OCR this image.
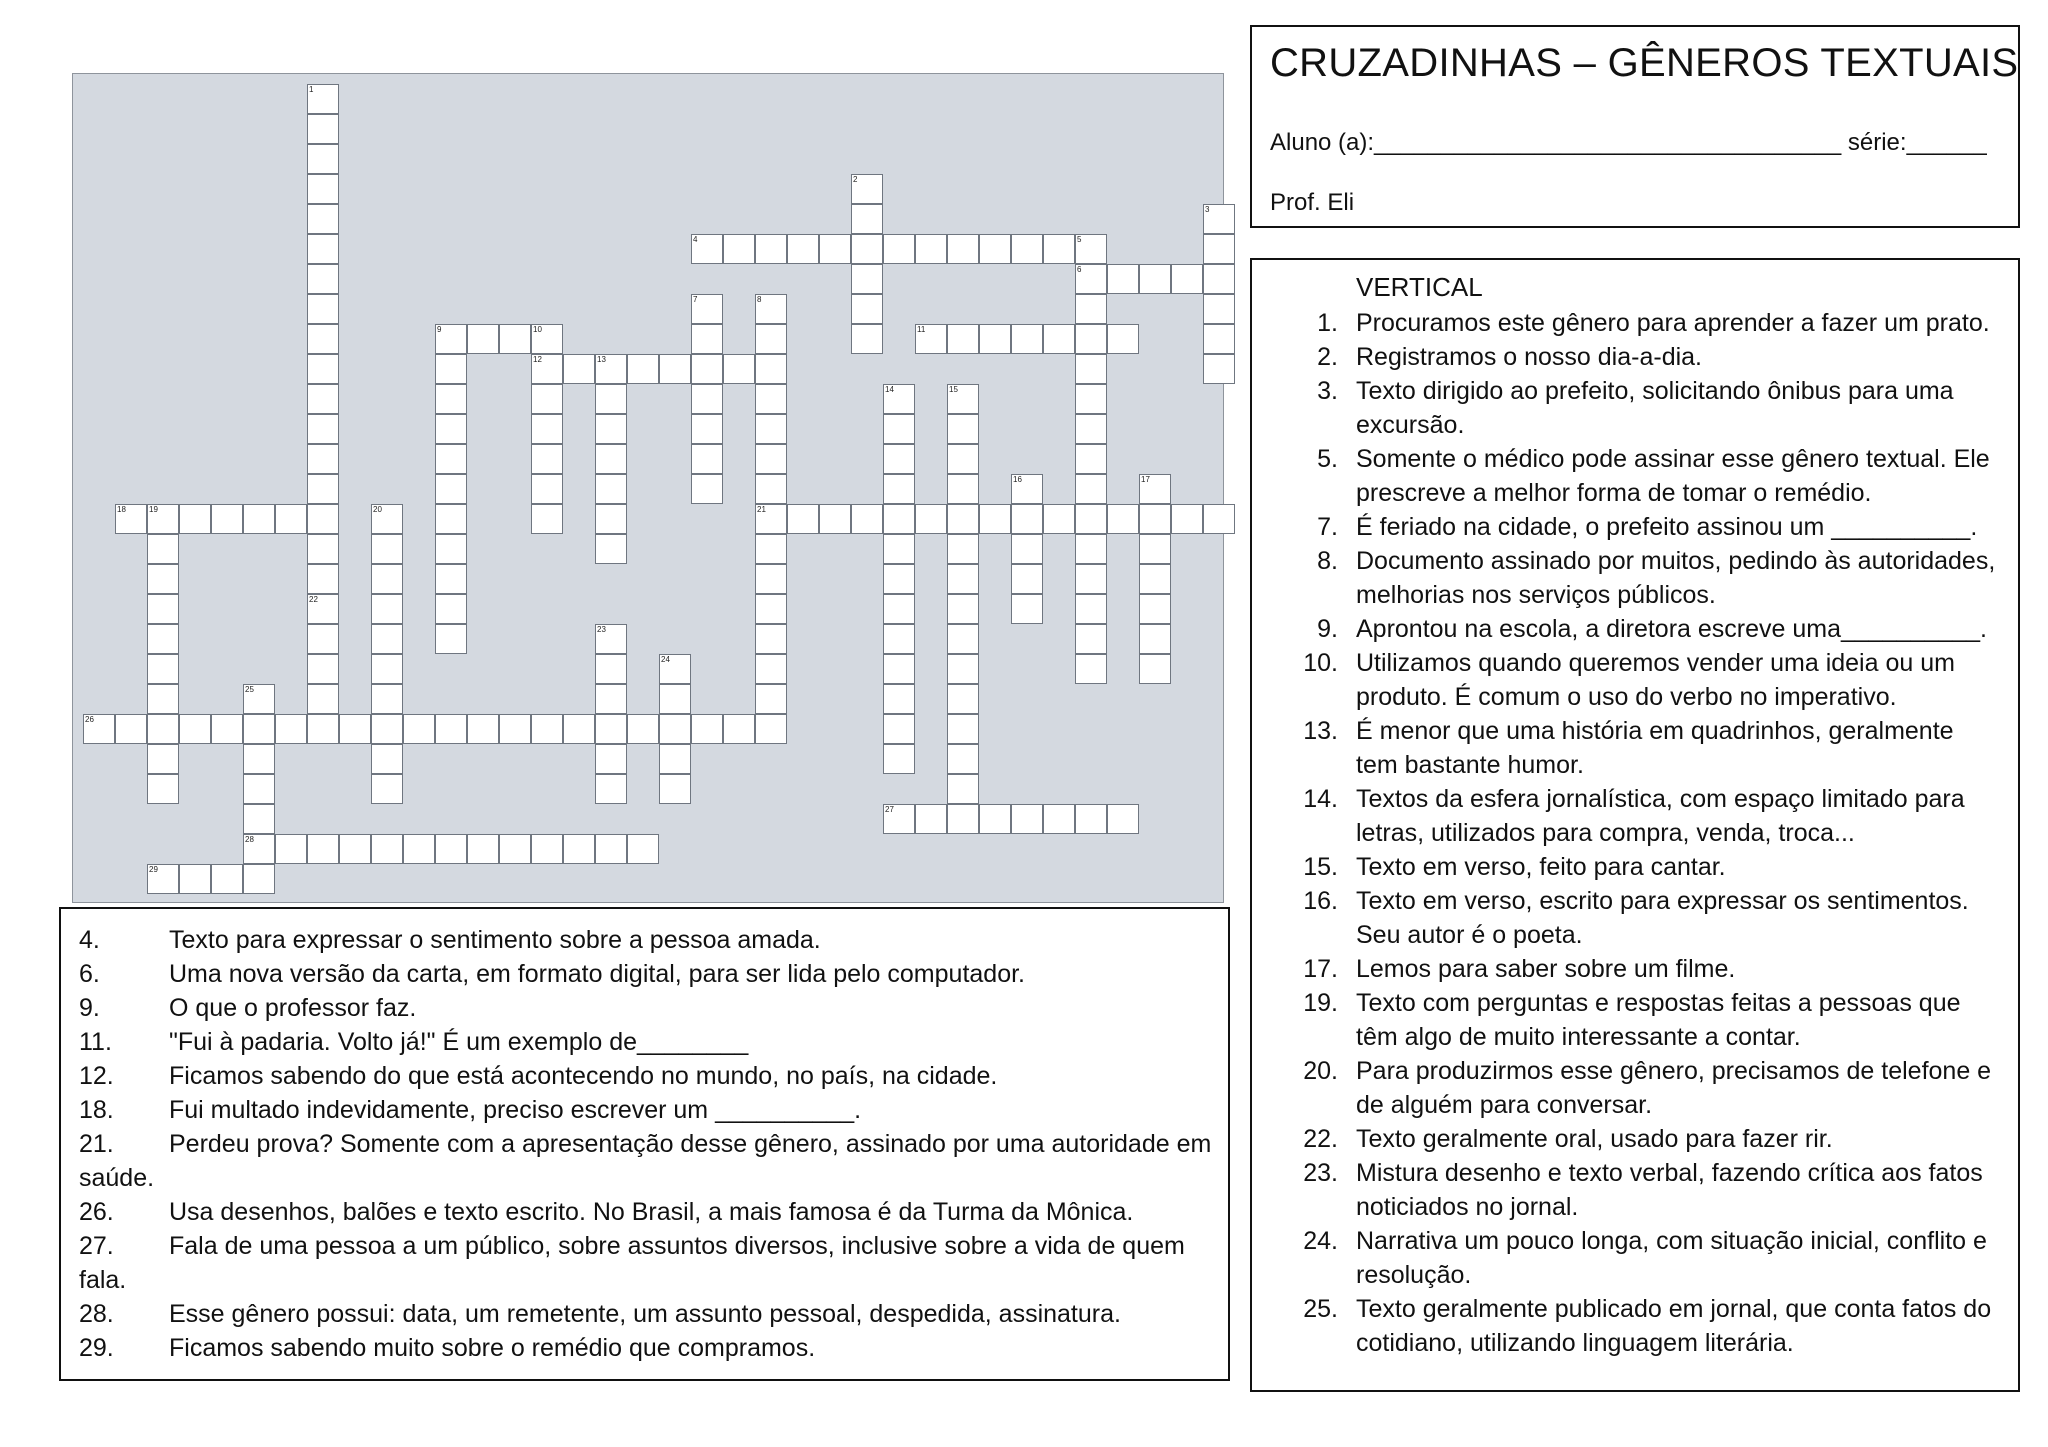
1
2
3
4	5
6
7	8
9	10	11
12	13
14	15
16	17
18	19	20	21
22
23
24
25
26
27
28
29
CRUZADINHAS – GÊNEROS TEXTUAIS
Aluno (a):___________________________________ série:______
Prof. Eli
VERTICAL
1. Procuramos este gênero para aprender a fazer um prato.
2. Registramos o nosso dia-a-dia.
3. Texto dirigido ao prefeito, solicitando ônibus para uma excursão.
5. Somente o médico pode assinar esse gênero textual. Ele prescreve a melhor forma de tomar o remédio.
7. É feriado na cidade, o prefeito assinou um __________.
8. Documento assinado por muitos, pedindo às autoridades, melhorias nos serviços públicos.
9. Aprontou na escola, a diretora escreve uma__________.
10. Utilizamos quando queremos vender uma ideia ou um produto. É comum o uso do verbo no imperativo.
13. É menor que uma história em quadrinhos, geralmente tem bastante humor.
14. Textos da esfera jornalística, com espaço limitado para letras, utilizados para compra, venda, troca...
15. Texto em verso, feito para cantar.
16. Texto em verso, escrito para expressar os sentimentos. Seu autor é o poeta.
17. Lemos para saber sobre um filme.
19. Texto com perguntas e respostas feitas a pessoas que têm algo de muito interessante a contar.
20. Para produzirmos esse gênero, precisamos de telefone e de alguém para conversar.
22. Texto geralmente oral, usado para fazer rir.
23. Mistura desenho e texto verbal, fazendo crítica aos fatos noticiados no jornal.
24. Narrativa um pouco longa, com situação inicial, conflito e resolução.
25. Texto geralmente publicado em jornal, que conta fatos do cotidiano, utilizando linguagem literária.
4.	Texto para expressar o sentimento sobre a pessoa amada.
6.	Uma nova versão da carta, em formato digital, para ser lida pelo computador.
9.	O que o professor faz.
11. "Fui à padaria. Volto já!" É um exemplo de________
12. Ficamos sabendo do que está acontecendo no mundo, no país, na cidade.
18. Fui multado indevidamente, preciso escrever um __________.
21. Perdeu prova? Somente com a apresentação desse gênero, assinado por uma autoridade em saúde.
26. Usa desenhos, balões e texto escrito. No Brasil, a mais famosa é da Turma da Mônica.
27. Fala de uma pessoa a um público, sobre assuntos diversos, inclusive sobre a vida de quem fala.
28. Esse gênero possui: data, um remetente, um assunto pessoal, despedida, assinatura.
29. Ficamos sabendo muito sobre o remédio que compramos.
